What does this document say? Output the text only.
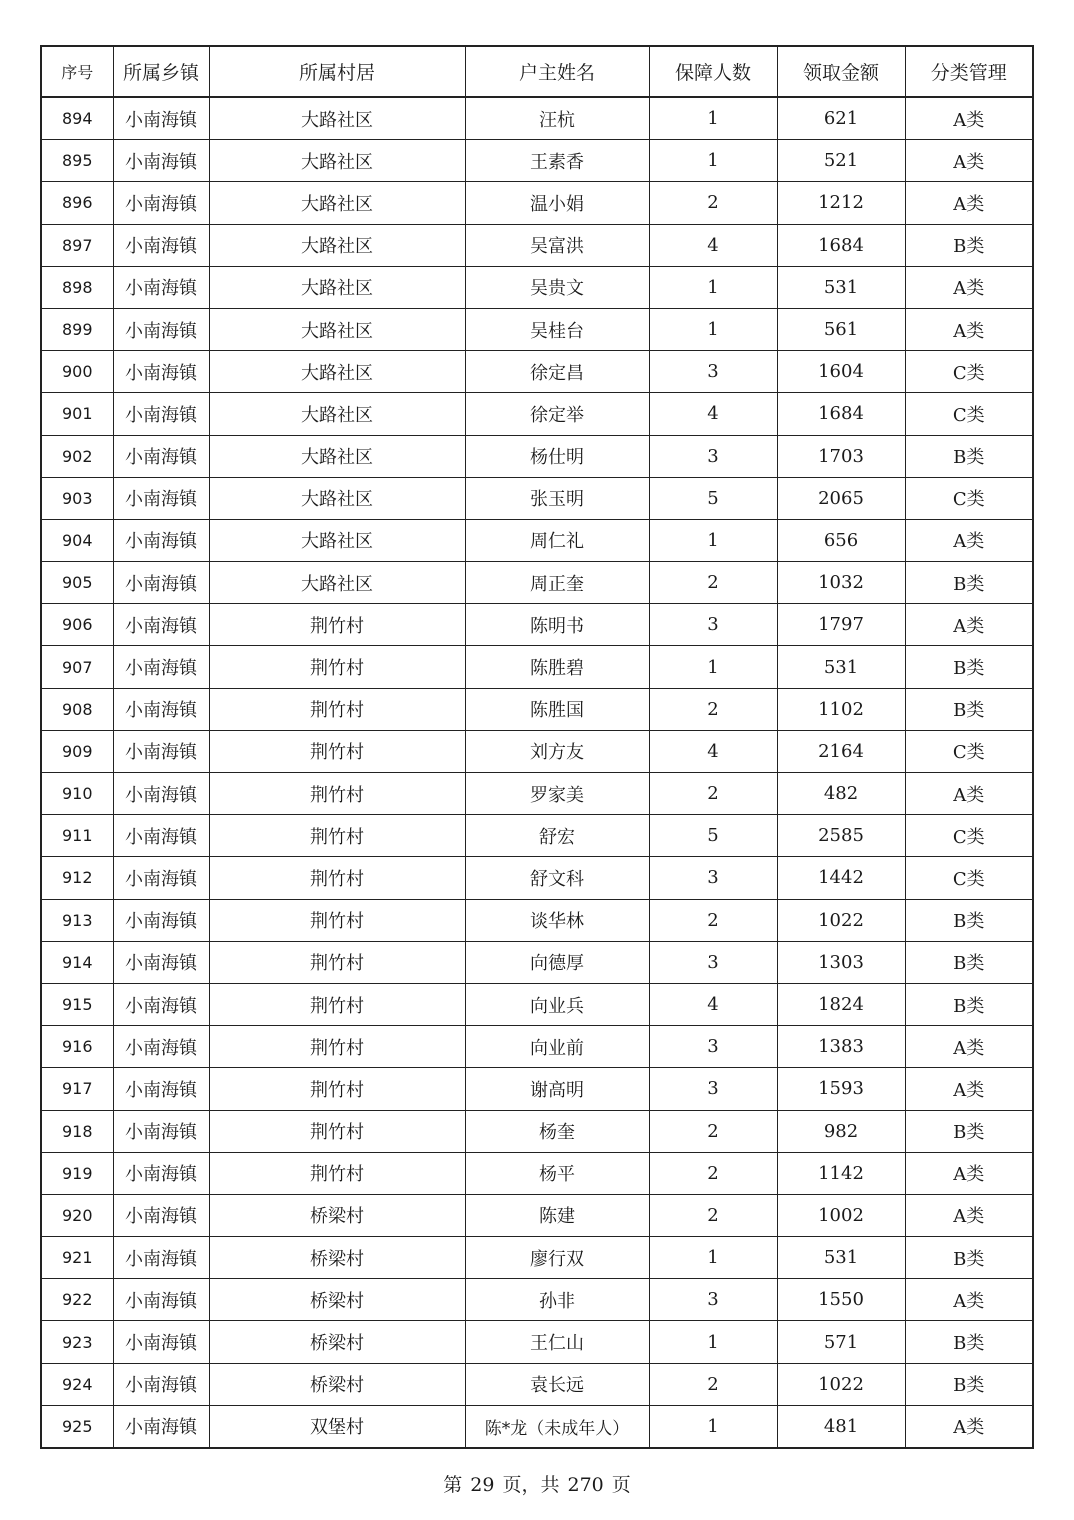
序号	所属乡镇	所属村居	户主姓名	保障人数	领取金额	分类管理
894	小南海镇	大路社区	汪杭	1	621	A类
895	小南海镇	大路社区	王素香	1	521	A类
896	小南海镇	大路社区	温小娟	2	1212	A类
897	小南海镇	大路社区	吴富洪	4	1684	B类
898	小南海镇	大路社区	吴贵文	1	531	A类
899	小南海镇	大路社区	吴桂台	1	561	A类
900	小南海镇	大路社区	徐定昌	3	1604	C类
901	小南海镇	大路社区	徐定举	4	1684	C类
902	小南海镇	大路社区	杨仕明	3	1703	B类
903	小南海镇	大路社区	张玉明	5	2065	C类
904	小南海镇	大路社区	周仁礼	1	656	A类
905	小南海镇	大路社区	周正奎	2	1032	B类
906	小南海镇	荆竹村	陈明书	3	1797	A类
907	小南海镇	荆竹村	陈胜碧	1	531	B类
908	小南海镇	荆竹村	陈胜国	2	1102	B类
909	小南海镇	荆竹村	刘方友	4	2164	C类
910	小南海镇	荆竹村	罗家美	2	482	A类
911	小南海镇	荆竹村	舒宏	5	2585	C类
912	小南海镇	荆竹村	舒文科	3	1442	C类
913	小南海镇	荆竹村	谈华林	2	1022	B类
914	小南海镇	荆竹村	向德厚	3	1303	B类
915	小南海镇	荆竹村	向业兵	4	1824	B类
916	小南海镇	荆竹村	向业前	3	1383	A类
917	小南海镇	荆竹村	谢高明	3	1593	A类
918	小南海镇	荆竹村	杨奎	2	982	B类
919	小南海镇	荆竹村	杨平	2	1142	A类
920	小南海镇	桥梁村	陈建	2	1002	A类
921	小南海镇	桥梁村	廖行双	1	531	B类
922	小南海镇	桥梁村	孙非	3	1550	A类
923	小南海镇	桥梁村	王仁山	1	571	B类
924	小南海镇	桥梁村	袁长远	2	1022	B类
925	小南海镇	双堡村	陈*龙（未成年人）	1	481	A类
第 29 页，共 270 页
